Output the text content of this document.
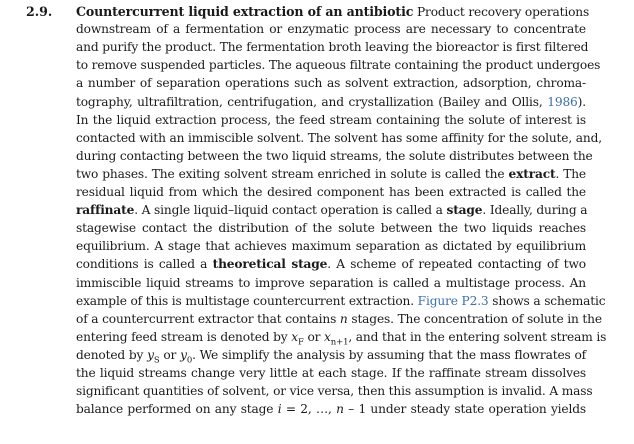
2.9. Countercurrent liquid extraction of an antibiotic Product recovery operations
downstream of a fermentation or enzymatic process are necessary to concentrate
and purify the product. The fermentation broth leaving the bioreactor is first filtered
to remove suspended particles. The aqueous filtrate containing the product undergoes
a number of separation operations such as solvent extraction, adsorption, chroma-
tography, ultrafiltration, centrifugation, and crystallization (Bailey and Ollis, 1986).
In the liquid extraction process, the feed stream containing the solute of interest is
contacted with an immiscible solvent. The solvent has some affinity for the solute, and,
during contacting between the two liquid streams, the solute distributes between the
two phases. The exiting solvent stream enriched in solute is called the extract. The
residual liquid from which the desired component has been extracted is called the
raffinate. A single liquid–liquid contact operation is called a stage. Ideally, during a
stagewise contact the distribution of the solute between the two liquids reaches
equilibrium. A stage that achieves maximum separation as dictated by equilibrium
conditions is called a theoretical stage. A scheme of repeated contacting of two
immiscible liquid streams to improve separation is called a multistage process. An
example of this is multistage countercurrent extraction. Figure P2.3 shows a schematic
of a countercurrent extractor that contains n stages. The concentration of solute in the
entering feed stream is denoted by $x_F$ or $x_{n+1}$, and that in the entering solvent stream is
denoted by $y_S$ or $y_0$. We simplify the analysis by assuming that the mass flowrates of
the liquid streams change very little at each stage. If the raffinate stream dissolves
significant quantities of solvent, or vice versa, then this assumption is invalid. A mass
balance performed on any stage i = 2, …, n – 1 under steady state operation yields
